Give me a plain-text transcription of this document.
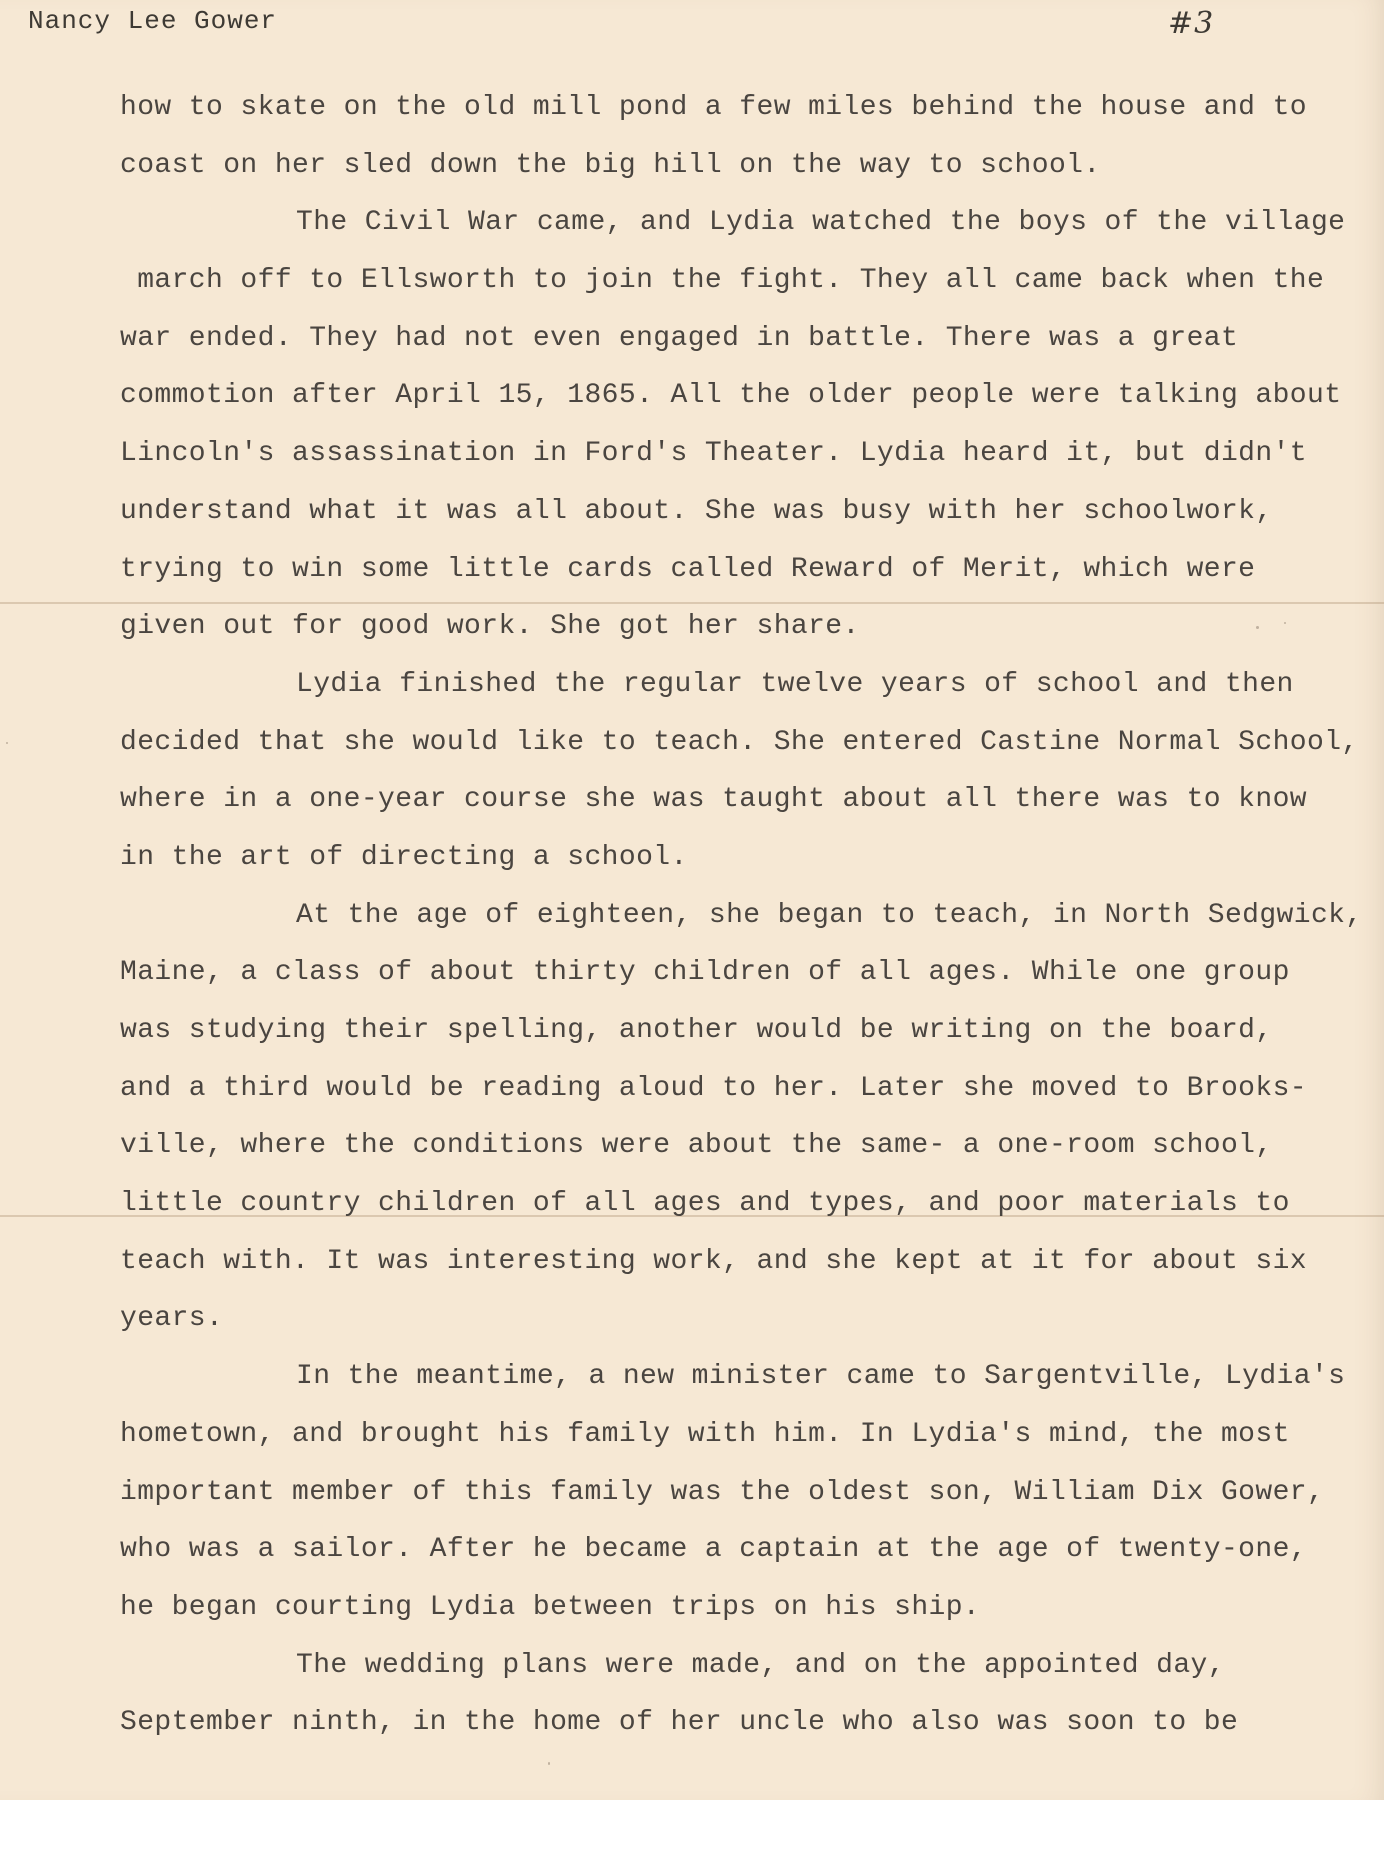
Nancy Lee Gower	#3
how to skate on the old mill pond a few miles behind the house and to
coast on her sled down the big hill on the way to school.
The Civil War came, and Lydia watched the boys of the village
march off to Ellsworth to join the fight. They all came back when the
war ended. They had not even engaged in battle. There was a great
commotion after April 15, 1865. All the older people were talking about
Lincoln's assassination in Ford's Theater. Lydia heard it, but didn't
understand what it was all about. She was busy with her schoolwork,
trying to win some little cards called Reward of Merit, which were
given out for good work. She got her share.
Lydia finished the regular twelve years of school and then
decided that she would like to teach. She entered Castine Normal School,
where in a one-year course she was taught about all there was to know
in the art of directing a school.
At the age of eighteen, she began to teach, in North Sedgwick,
Maine, a class of about thirty children of all ages. While one group
was studying their spelling, another would be writing on the board,
and a third would be reading aloud to her. Later she moved to Brooks-
ville, where the conditions were about the same- a one-room school,
little country children of all ages and types, and poor materials to
teach with. It was interesting work, and she kept at it for about six
years.
In the meantime, a new minister came to Sargentville, Lydia's
hometown, and brought his family with him. In Lydia's mind, the most
important member of this family was the oldest son, William Dix Gower,
who was a sailor. After he became a captain at the age of twenty-one,
he began courting Lydia between trips on his ship.
The wedding plans were made, and on the appointed day,
September ninth, in the home of her uncle who also was soon to be
